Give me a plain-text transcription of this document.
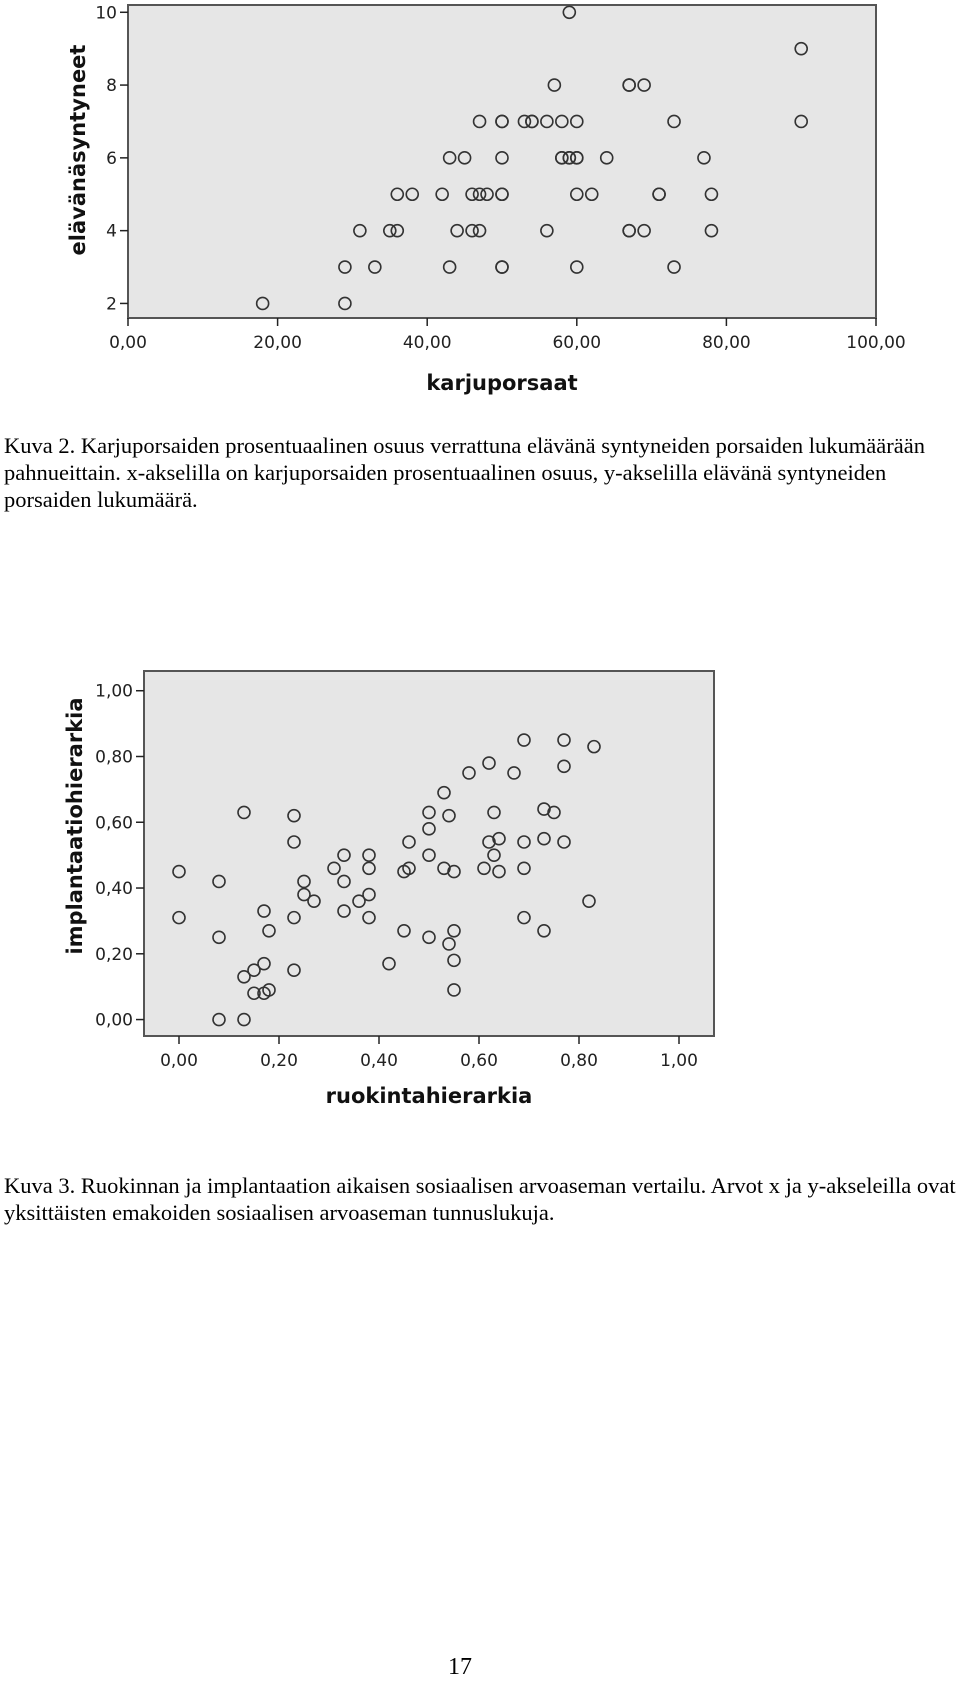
2
4
6
8
10
0,00	20,00	40,00	60,00	80,00	100,00
karjuporsaat
elävänäsyntyneet

Kuva 2. Karjuporsaiden prosentuaalinen osuus verrattuna elävänä syntyneiden porsaiden lukumäärään pahnueittain. x-akselilla on karjuporsaiden prosentuaalinen osuus, y-akselilla elävänä syntyneiden porsaiden lukumäärä.

0,00
0,20
0,40
0,60
0,80
1,00
0,00	0,20	0,40	0,60	0,80	1,00
ruokintahierarkia
implantaatiohierarkia

Kuva 3. Ruokinnan ja implantaation aikaisen sosiaalisen arvoaseman vertailu. Arvot x ja y-akseleilla ovat yksittäisten emakoiden sosiaalisen arvoaseman tunnuslukuja.

17
